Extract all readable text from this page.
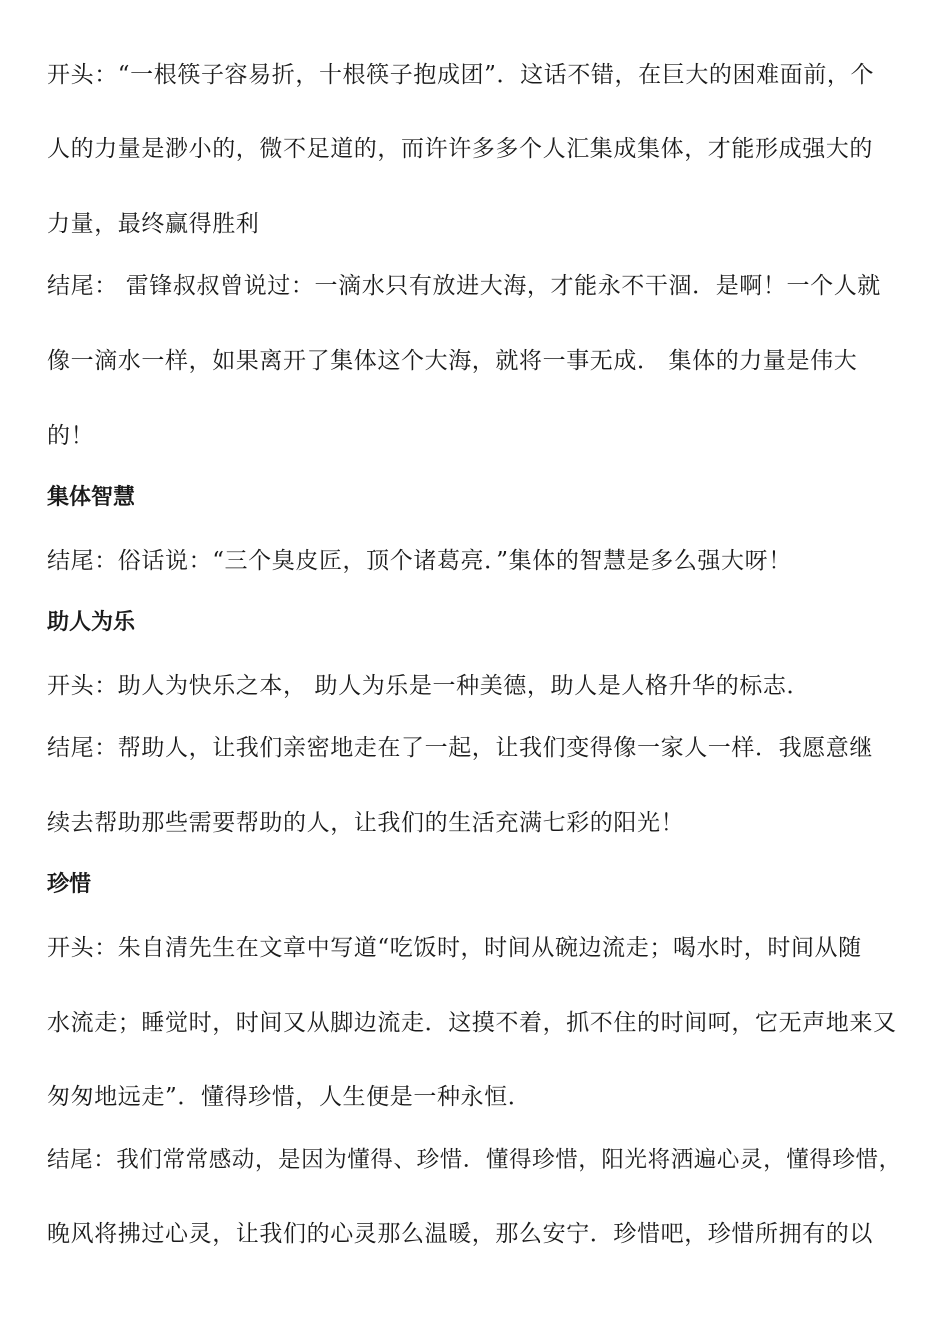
开头：“一根筷子容易折，十根筷子抱成团”．这话不错，在巨大的困难面前，个
人的力量是渺小的，微不足道的，而许许多多个人汇集成集体，才能形成强大的
力量，最终赢得胜利
结尾： 雷锋叔叔曾说过：一滴水只有放进大海，才能永不干涸．是啊！一个人就
像一滴水一样，如果离开了集体这个大海，就将一事无成． 集体的力量是伟大
的！
集体智慧
结尾：俗话说：“三个臭皮匠，顶个诸葛亮．”集体的智慧是多么强大呀！
助人为乐
开头：助人为快乐之本， 助人为乐是一种美德，助人是人格升华的标志．
结尾：帮助人，让我们亲密地走在了一起，让我们变得像一家人一样．我愿意继
续去帮助那些需要帮助的人，让我们的生活充满七彩的阳光！
珍惜
开头：朱自清先生在文章中写道“吃饭时，时间从碗边流走；喝水时，时间从随
水流走；睡觉时，时间又从脚边流走．这摸不着，抓不住的时间呵，它无声地来又
匆匆地远走”．懂得珍惜，人生便是一种永恒．
结尾：我们常常感动，是因为懂得、珍惜．懂得珍惜，阳光将洒遍心灵，懂得珍惜，
晚风将拂过心灵，让我们的心灵那么温暖，那么安宁．珍惜吧，珍惜所拥有的以
